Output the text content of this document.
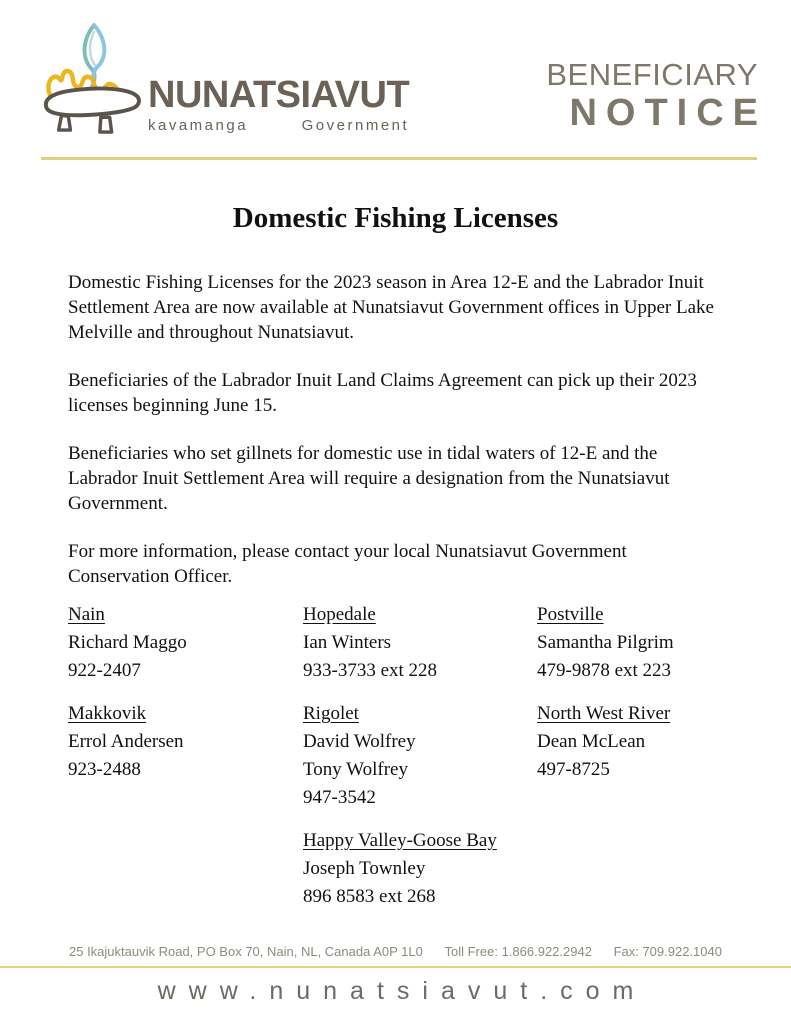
NUNATSIAVUT
kavamanga	Government
BENEFICIARY
NOTICE
Domestic Fishing Licenses

Domestic Fishing Licenses for the 2023 season in Area 12-E and the Labrador Inuit Settlement Area are now available at Nunatsiavut Government offices in Upper Lake Melville and throughout Nunatsiavut.

Beneficiaries of the Labrador Inuit Land Claims Agreement can pick up their 2023 licenses beginning June 15.

Beneficiaries who set gillnets for domestic use in tidal waters of 12-E and the Labrador Inuit Settlement Area will require a designation from the Nunatsiavut Government.

For more information, please contact your local Nunatsiavut Government Conservation Officer.

Nain
Richard Maggo
922-2407
Hopedale
Ian Winters
933-3733 ext 228
Postville
Samantha Pilgrim
479-9878 ext 223
Makkovik
Errol Andersen
923-2488
Rigolet
David Wolfrey
Tony Wolfrey
947-3542
North West River
Dean McLean
497-8725
Happy Valley-Goose Bay
Joseph Townley
896 8583 ext 268
25 Ikajuktauvik Road, PO Box 70, Nain, NL, Canada A0P 1L0 Toll Free: 1.866.922.2942 Fax: 709.922.1040
www.nunatsiavut.com
